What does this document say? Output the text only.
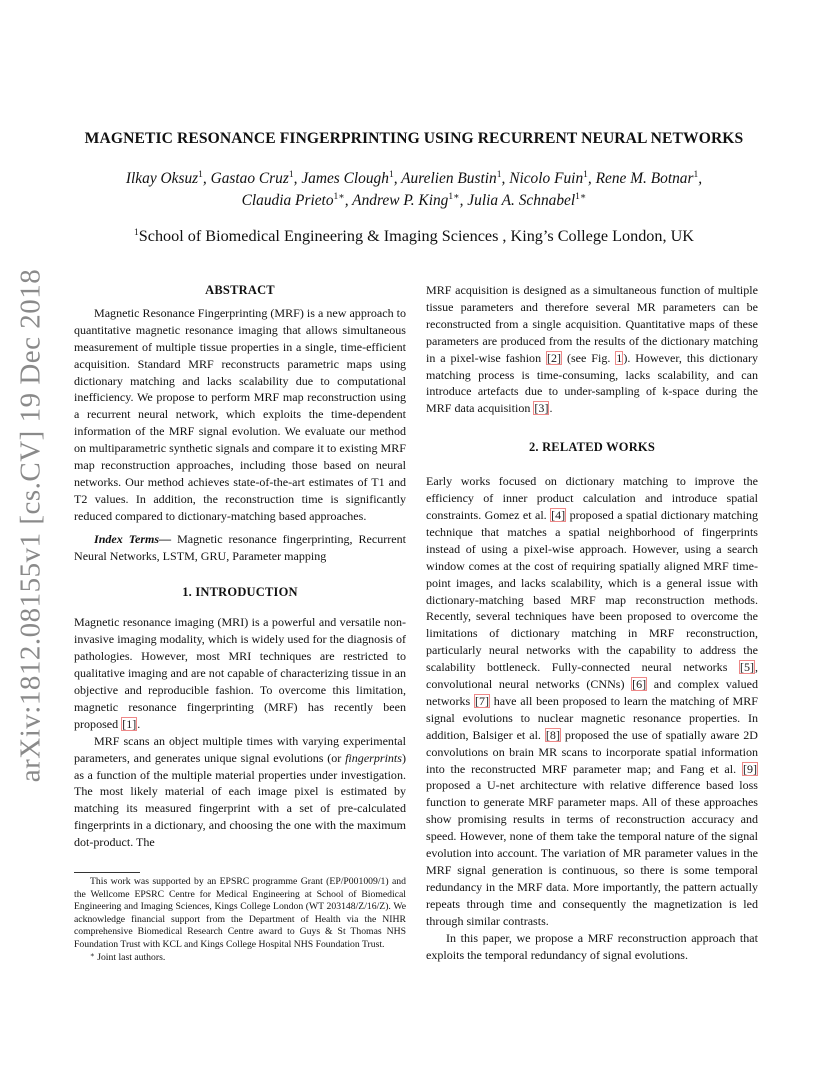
arXiv:1812.08155v1 [cs.CV] 19 Dec 2018
MAGNETIC RESONANCE FINGERPRINTING USING RECURRENT NEURAL NETWORKS
Ilkay Oksuz$^1$, Gastao Cruz$^1$, James Clough$^1$, Aurelien Bustin$^1$, Nicolo Fuin$^1$, Rene M. Botnar$^1$,
Claudia Prieto$^{1∗}$, Andrew P. King$^{1∗}$, Julia A. Schnabel$^{1∗}$
$^1$School of Biomedical Engineering & Imaging Sciences , King’s College London, UK
ABSTRACT

Magnetic Resonance Fingerprinting (MRF) is a new approach to quantitative magnetic resonance imaging that allows simultaneous measurement of multiple tissue properties in a single, time-efficient acquisition. Standard MRF reconstructs parametric maps using dictionary matching and lacks scalability due to computational inefficiency. We propose to perform MRF map reconstruction using a recurrent neural network, which exploits the time-dependent information of the MRF signal evolution. We evaluate our method on multiparametric synthetic signals and compare it to existing MRF map reconstruction approaches, including those based on neural networks. Our method achieves state-of-the-art estimates of T1 and T2 values. In addition, the reconstruction time is significantly reduced compared to dictionary-matching based approaches.

Index Terms— Magnetic resonance fingerprinting, Recurrent Neural Networks, LSTM, GRU, Parameter mapping

1. INTRODUCTION

Magnetic resonance imaging (MRI) is a powerful and versatile non-invasive imaging modality, which is widely used for the diagnosis of pathologies. However, most MRI techniques are restricted to qualitative imaging and are not capable of characterizing tissue in an objective and reproducible fashion. To overcome this limitation, magnetic resonance fingerprinting (MRF) has recently been proposed [1].

MRF scans an object multiple times with varying experimental parameters, and generates unique signal evolutions (or fingerprints) as a function of the multiple material properties under investigation. The most likely material of each image pixel is estimated by matching its measured fingerprint with a set of pre-calculated fingerprints in a dictionary, and choosing the one with the maximum dot-product. The

This work was supported by an EPSRC programme Grant (EP/P001009/1) and the Wellcome EPSRC Centre for Medical Engineering at School of Biomedical Engineering and Imaging Sciences, Kings College London (WT 203148/Z/16/Z). We acknowledge financial support from the Department of Health via the NIHR comprehensive Biomedical Research Centre award to Guys & St Thomas NHS Foundation Trust with KCL and Kings College Hospital NHS Foundation Trust.

∗ Joint last authors.

MRF acquisition is designed as a simultaneous function of multiple tissue parameters and therefore several MR parameters can be reconstructed from a single acquisition. Quantitative maps of these parameters are produced from the results of the dictionary matching in a pixel-wise fashion [2] (see Fig. 1). However, this dictionary matching process is time-consuming, lacks scalability, and can introduce artefacts due to under-sampling of k-space during the MRF data acquisition [3].

2. RELATED WORKS

Early works focused on dictionary matching to improve the efficiency of inner product calculation and introduce spatial constraints. Gomez et al. [4] proposed a spatial dictionary matching technique that matches a spatial neighborhood of fingerprints instead of using a pixel-wise approach. However, using a search window comes at the cost of requiring spatially aligned MRF time-point images, and lacks scalability, which is a general issue with dictionary-matching based MRF map reconstruction methods. Recently, several techniques have been proposed to overcome the limitations of dictionary matching in MRF reconstruction, particularly neural networks with the capability to address the scalability bottleneck. Fully-connected neural networks [5], convolutional neural networks (CNNs) [6] and complex valued networks [7] have all been proposed to learn the matching of MRF signal evolutions to nuclear magnetic resonance properties. In addition, Balsiger et al. [8] proposed the use of spatially aware 2D convolutions on brain MR scans to incorporate spatial information into the reconstructed MRF parameter map; and Fang et al. [9] proposed a U-net architecture with relative difference based loss function to generate MRF parameter maps. All of these approaches show promising results in terms of reconstruction accuracy and speed. However, none of them take the temporal nature of the signal evolution into account. The variation of MR parameter values in the MRF signal generation is continuous, so there is some temporal redundancy in the MRF data. More importantly, the pattern actually repeats through time and consequently the magnetization is led through similar contrasts.

In this paper, we propose a MRF reconstruction approach that exploits the temporal redundancy of signal evolutions.
